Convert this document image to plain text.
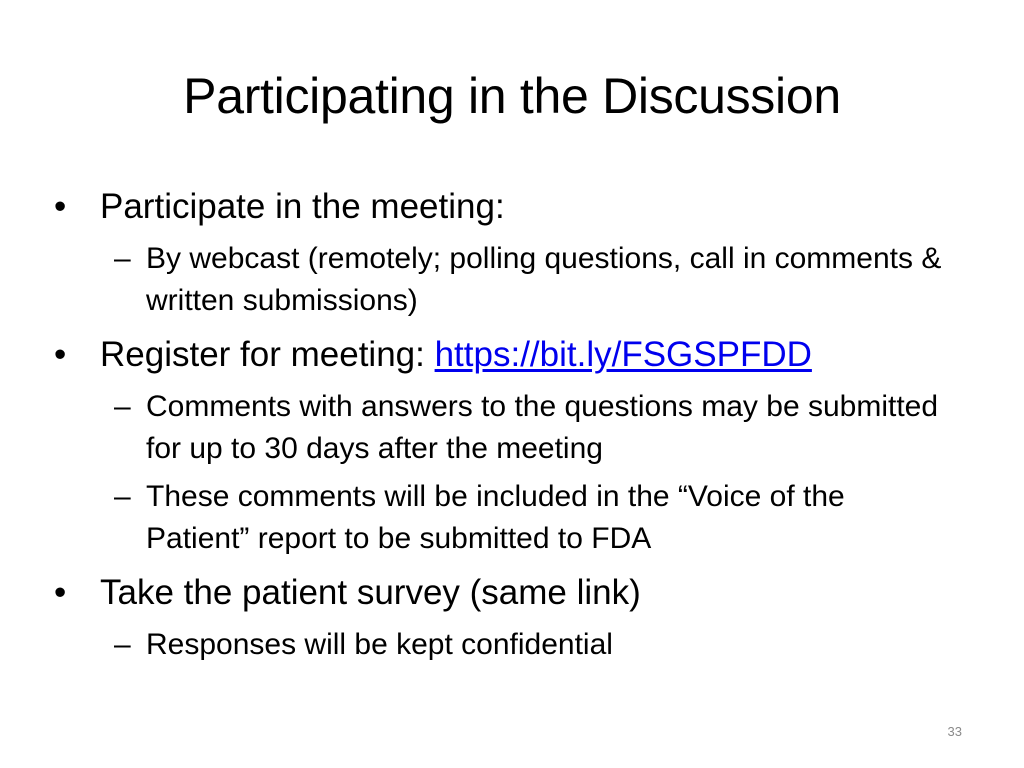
Participating in the Discussion
• Participate in the meeting:
– By webcast (remotely; polling questions, call in comments & written submissions)
• Register for meeting: https://bit.ly/FSGSPFDD
– Comments with answers to the questions may be submitted for up to 30 days after the meeting
– These comments will be included in the “Voice of the Patient” report to be submitted to FDA
• Take the patient survey (same link)
– Responses will be kept confidential
33
